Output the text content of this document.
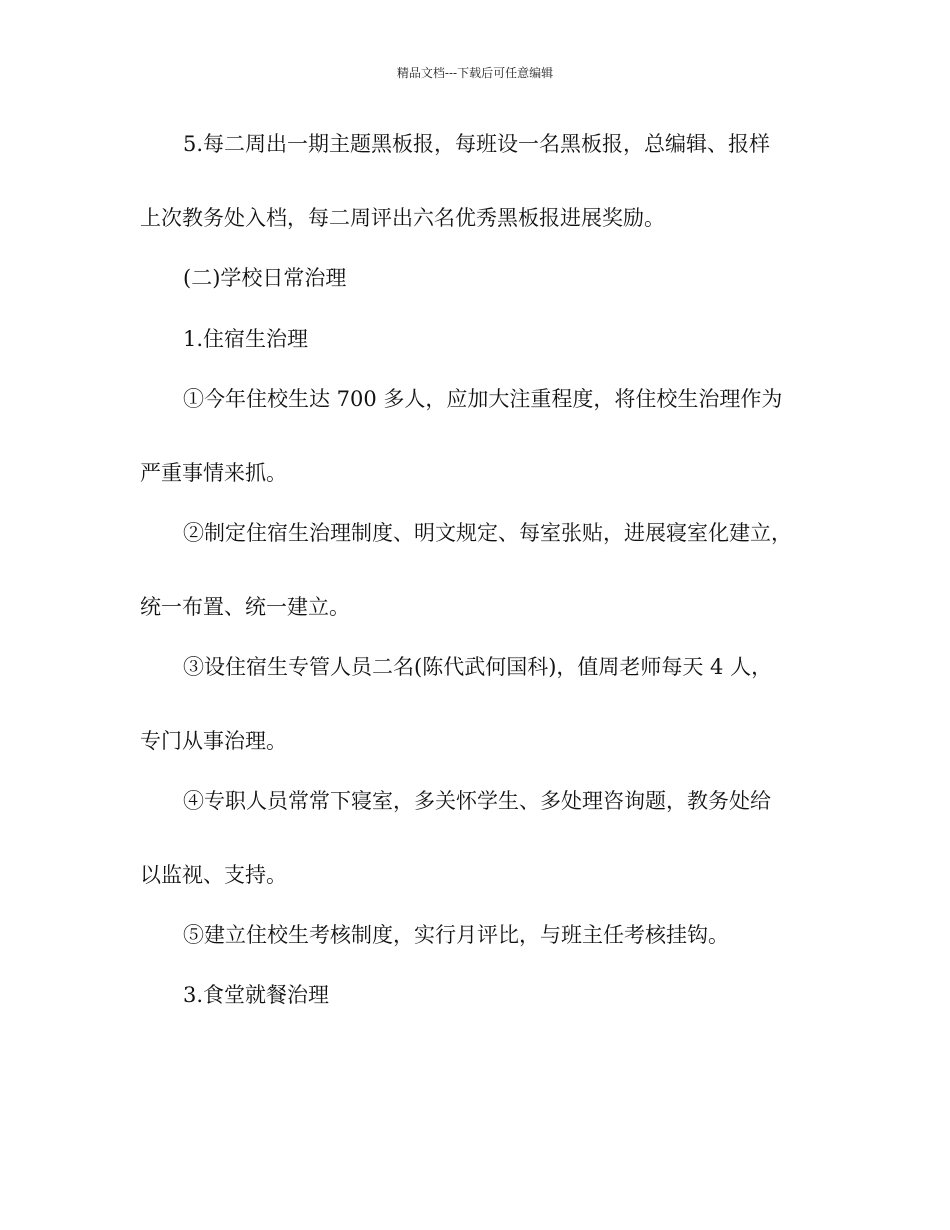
精品文档---下载后可任意编辑
5.每二周出一期主题黑板报，每班设一名黑板报，总编辑、报样
上次教务处入档，每二周评出六名优秀黑板报进展奖励。
(二)学校日常治理
1.住宿生治理
①今年住校生达 700 多人，应加大注重程度，将住校生治理作为
严重事情来抓。
②制定住宿生治理制度、明文规定、每室张贴，进展寝室化建立，
统一布置、统一建立。
③设住宿生专管人员二名(陈代武何国科)，值周老师每天 4 人，
专门从事治理。
④专职人员常常下寝室，多关怀学生、多处理咨询题，教务处给
以监视、支持。
⑤建立住校生考核制度，实行月评比，与班主任考核挂钩。
3.食堂就餐治理
